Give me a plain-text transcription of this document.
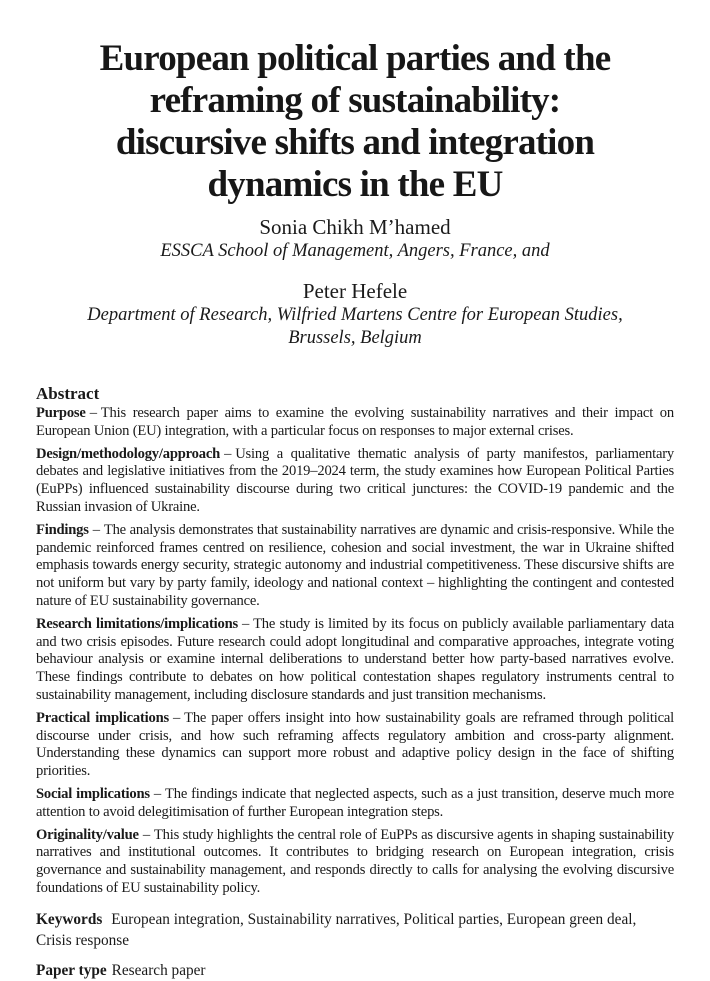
European political parties and the
reframing of sustainability:
discursive shifts and integration
dynamics in the EU
Sonia Chikh M’hamed
ESSCA School of Management, Angers, France, and
Peter Hefele
Department of Research, Wilfried Martens Centre for European Studies,
Brussels, Belgium
Abstract

Purpose – This research paper aims to examine the evolving sustainability narratives and their impact on European Union (EU) integration, with a particular focus on responses to major external crises.

Design/methodology/approach – Using a qualitative thematic analysis of party manifestos, parliamentary debates and legislative initiatives from the 2019–2024 term, the study examines how European Political Parties (EuPPs) influenced sustainability discourse during two critical junctures: the COVID-19 pandemic and the Russian invasion of Ukraine.

Findings – The analysis demonstrates that sustainability narratives are dynamic and crisis-responsive. While the pandemic reinforced frames centred on resilience, cohesion and social investment, the war in Ukraine shifted emphasis towards energy security, strategic autonomy and industrial competitiveness. These discursive shifts are not uniform but vary by party family, ideology and national context – highlighting the contingent and contested nature of EU sustainability governance.

Research limitations/implications – The study is limited by its focus on publicly available parliamentary data and two crisis episodes. Future research could adopt longitudinal and comparative approaches, integrate voting behaviour analysis or examine internal deliberations to understand better how party-based narratives evolve. These findings contribute to debates on how political contestation shapes regulatory instruments central to sustainability management, including disclosure standards and just transition mechanisms.

Practical implications – The paper offers insight into how sustainability goals are reframed through political discourse under crisis, and how such reframing affects regulatory ambition and cross-party alignment. Understanding these dynamics can support more robust and adaptive policy design in the face of shifting priorities.

Social implications – The findings indicate that neglected aspects, such as a just transition, deserve much more attention to avoid delegitimisation of further European integration steps.

Originality/value – This study highlights the central role of EuPPs as discursive agents in shaping sustainability narratives and institutional outcomes. It contributes to bridging research on European integration, crisis governance and sustainability management, and responds directly to calls for analysing the evolving discursive foundations of EU sustainability policy.

Keywords European integration, Sustainability narratives, Political parties, European green deal, Crisis response
Paper type Research paper
